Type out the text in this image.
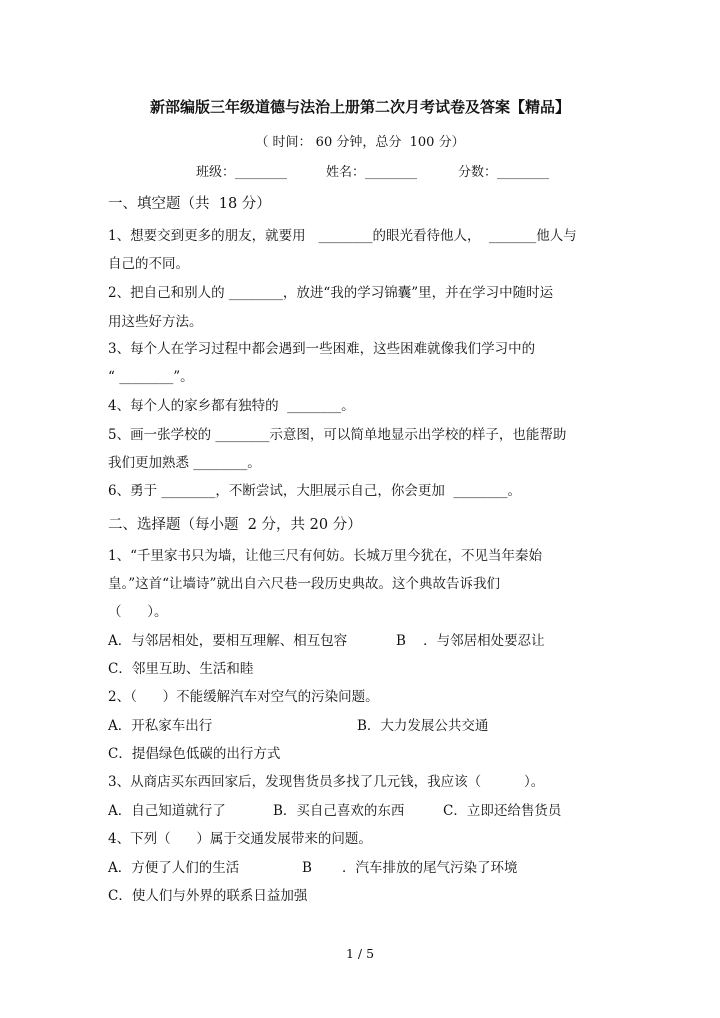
新部编版三年级道德与法治上册第二次月考试卷及答案【精品】
（ 时间： 60 分钟，总分  100 分）
班级：________	姓名：________	分数：________
一、填空题（共  18 分）
1、想要交到更多的朋友，就要用   ________的眼光看待他人，  _______他人与
自己的不同。
2、把自己和别人的 ________，放进“我的学习锦囊”里，并在学习中随时运
用这些好方法。
3、每个人在学习过程中都会遇到一些困难，这些困难就像我们学习中的
“ ________”。
4、每个人的家乡都有独特的  ________。
5、画一张学校的 ________示意图，可以简单地显示出学校的样子，也能帮助
我们更加熟悉 ________。
6、勇于 ________，不断尝试，大胆展示自己，你会更加  ________。
二、选择题（每小题  2 分，共 20 分）
1、“千里家书只为墙，让他三尺有何妨。长城万里今犹在，不见当年秦始
皇。”这首“让墙诗”就出自六尺巷一段历史典故。这个典故告诉我们
（      ）。
A．与邻居相处，要相互理解、相互包容	B    ．与邻居相处要忍让
C．邻里互助、生活和睦
2、（      ）不能缓解汽车对空气的污染问题。
A．开私家车出行	B．大力发展公共交通
C．提倡绿色低碳的出行方式
3、从商店买东西回家后，发现售货员多找了几元钱，我应该（          ）。
A．自己知道就行了	B．买自己喜欢的东西	C．立即还给售货员
4、下列（      ）属于交通发展带来的问题。
A．方便了人们的生活	B       ．汽车排放的尾气污染了环境
C．使人们与外界的联系日益加强
1 / 5
